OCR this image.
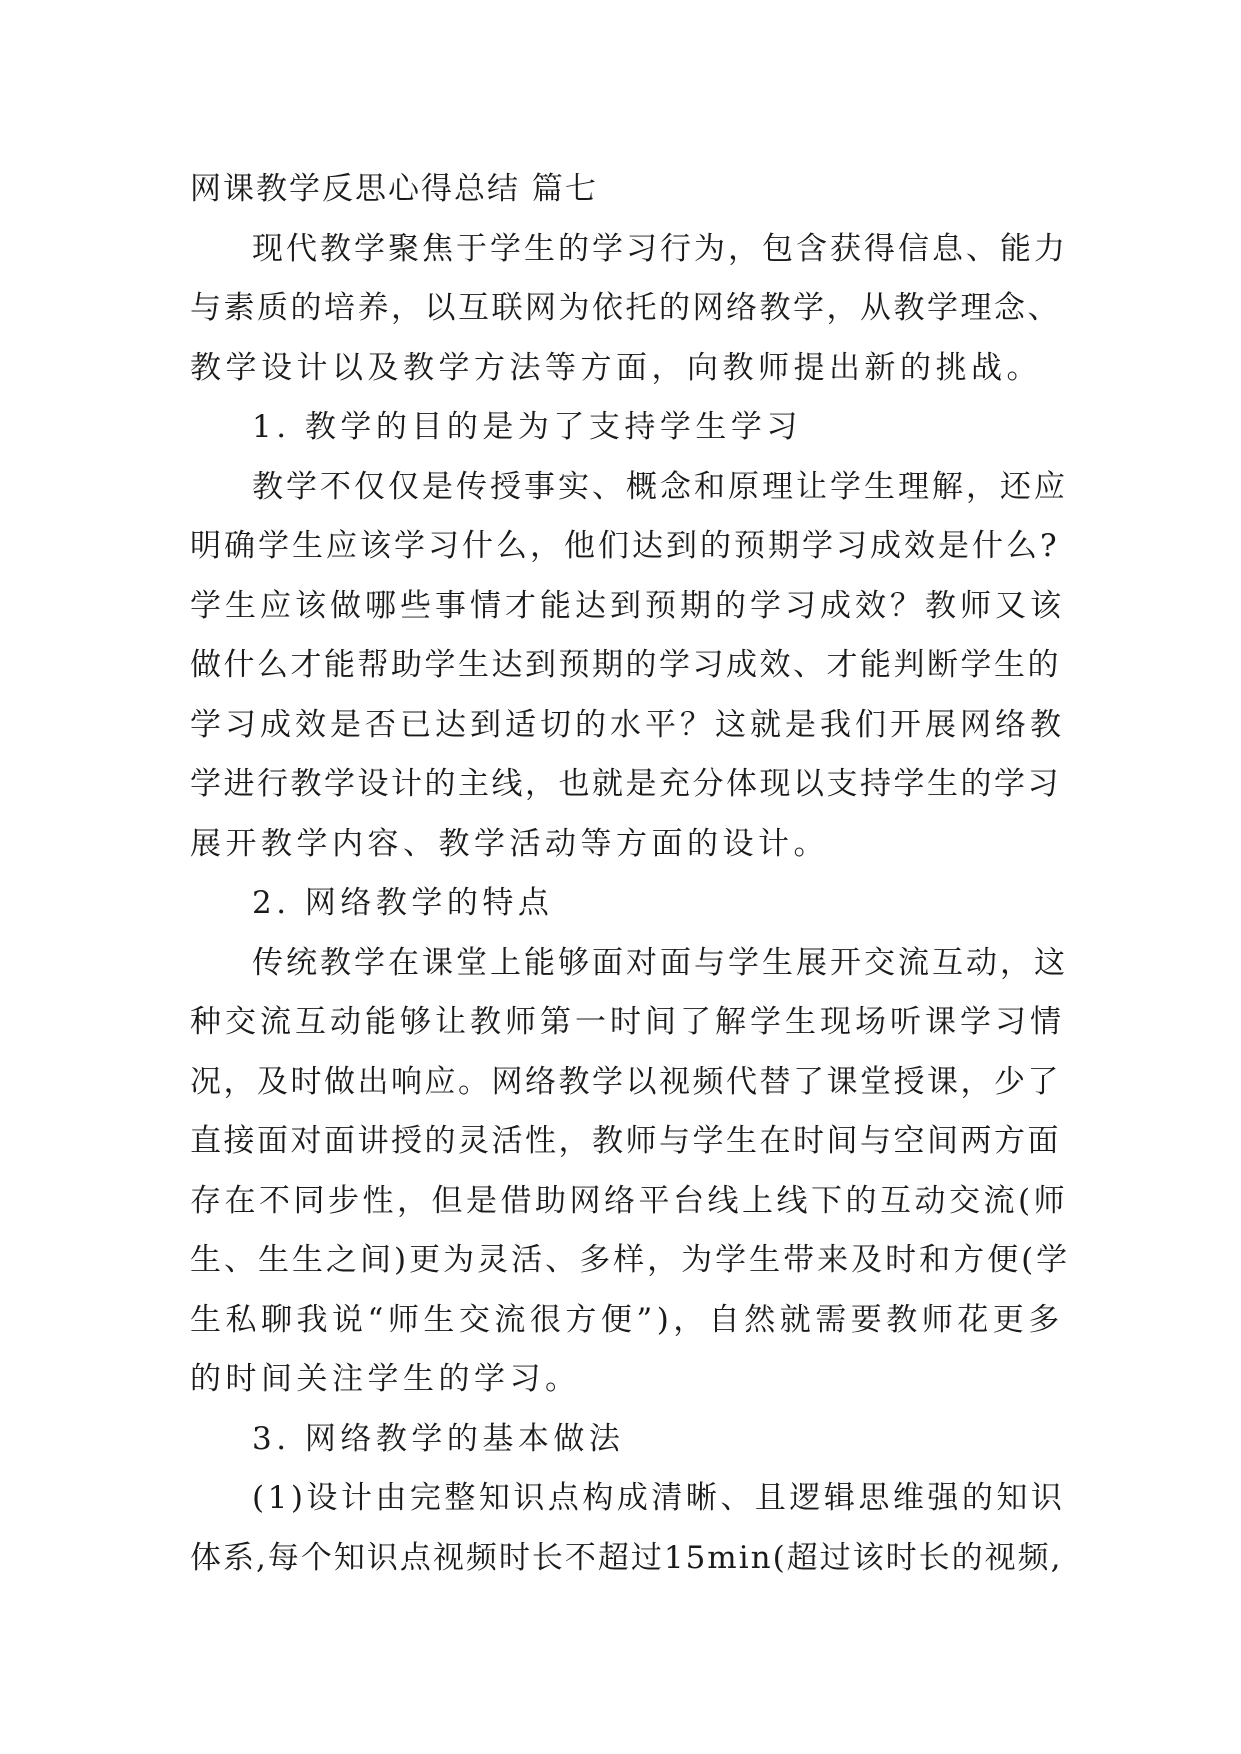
网课教学反思心得总结 篇七
现代教学聚焦于学生的学习行为，包含获得信息、能力
与素质的培养，以互联网为依托的网络教学，从教学理念、
教学设计以及教学方法等方面，向教师提出新的挑战。
1. 教学的目的是为了支持学生学习
教学不仅仅是传授事实、概念和原理让学生理解，还应
明确学生应该学习什么，他们达到的预期学习成效是什么?
学生应该做哪些事情才能达到预期的学习成效？教师又该
做什么才能帮助学生达到预期的学习成效、才能判断学生的
学习成效是否已达到适切的水平？这就是我们开展网络教
学进行教学设计的主线，也就是充分体现以支持学生的学习
展开教学内容、教学活动等方面的设计。
2. 网络教学的特点
传统教学在课堂上能够面对面与学生展开交流互动，这
种交流互动能够让教师第一时间了解学生现场听课学习情
况，及时做出响应。网络教学以视频代替了课堂授课，少了
直接面对面讲授的灵活性，教师与学生在时间与空间两方面
存在不同步性，但是借助网络平台线上线下的互动交流(师
生、生生之间)更为灵活、多样，为学生带来及时和方便(学
生私聊我说“师生交流很方便”)，自然就需要教师花更多
的时间关注学生的学习。
3. 网络教学的基本做法
(1)设计由完整知识点构成清晰、且逻辑思维强的知识
体系,每个知识点视频时长不超过15min(超过该时长的视频,
